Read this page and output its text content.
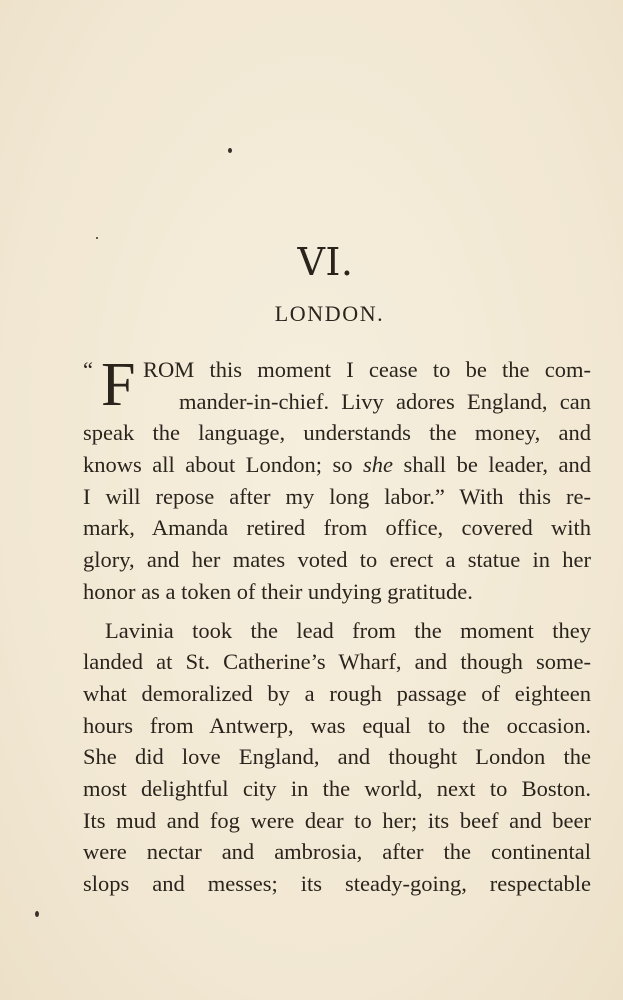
VI.
LONDON.
“ F ROM this moment I cease to be the com-
mander-in-chief. Livy adores England, can
speak the language, understands the money, and
knows all about London; so she shall be leader, and
I will repose after my long labor.” With this re-
mark, Amanda retired from office, covered with
glory, and her mates voted to erect a statue in her
honor as a token of their undying gratitude.
Lavinia took the lead from the moment they
landed at St. Catherine’s Wharf, and though some-
what demoralized by a rough passage of eighteen
hours from Antwerp, was equal to the occasion.
She did love England, and thought London the
most delightful city in the world, next to Boston.
Its mud and fog were dear to her; its beef and beer
were nectar and ambrosia, after the continental
slops and messes; its steady-going, respectable
